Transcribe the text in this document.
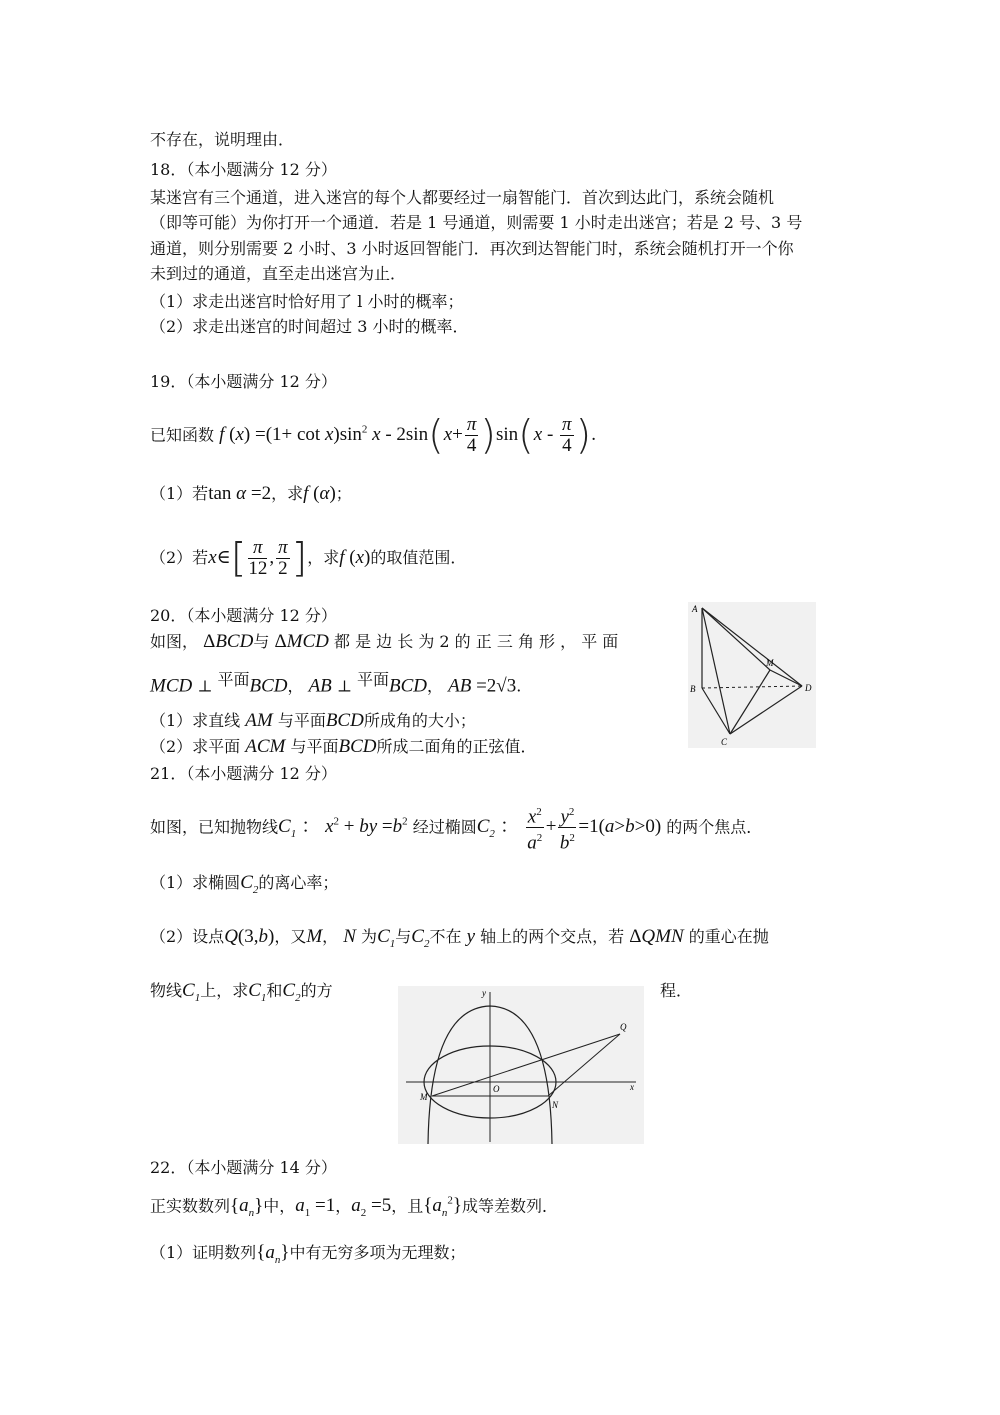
不存在，说明理由．
18．（本小题满分 12 分）
某迷宫有三个通道，进入迷宫的每个人都要经过一扇智能门．首次到达此门，系统会随机
（即等可能）为你打开一个通道．若是 1 号通道，则需要 1 小时走出迷宫；若是 2 号、3 号
通道，则分别需要 2 小时、3 小时返回智能门．再次到达智能门时，系统会随机打开一个你
未到过的通道，直至走出迷宫为止．
（1）求走出迷宫时恰好用了 l 小时的概率；
（2）求走出迷宫的时间超过 3 小时的概率．
19．（本小题满分 12 分）
已知函数 f $(x) =(1+ \cot x)\sin^2$ $x - 2\sin(x+ \frac{\pi}{4} )\sin(x - \frac{\pi}{4}$ ).
（1）若tan α =2，求f (α)；
（2）若x∈[ $\frac{\pi}{12}$ , $\frac{\pi}{2}$ ]，求f (x)的取值范围．
20．（本小题满分 12 分）
如图， ΔBCD与 ΔMCD 都 是 边 长 为 2 的 正 三 角 形 ， 平 面
MCD ⊥ $^{平面}$BCD， AB ⊥ $^{平面}$BCD， AB =2√3.
（1）求直线 AM 与平面BCD所成角的大小；
（2）求平面 ACM 与平面BCD所成二面角的正弦值．
A
B
C
D
M
21．（本小题满分 12 分）
如图，已知抛物线$C_1$ ： $x^2$ + by $=b^2$ 经过椭圆$C_2$ ： $\frac{x^2}{a^2} + \frac{y^2}{b^2} =1(a>b>0)$ 的两个焦点．
（1）求椭圆$C_2$的离心率；
（2）设点Q(3,b)，又M， N 为$C_1$与$C_2$不在 y 轴上的两个交点，若 ΔQMN 的重心在抛
物线$C_1$上，求$C_1$和$C_2$的方	程．
y
x
O
M
N
Q
22．（本小题满分 14 分）
正实数数列$\{a_n\}$中，$a_1 =1$，$a_2 =5$，且$\{a_n^2\}$成等差数列．
（1）证明数列$\{a_n\}$中有无穷多项为无理数；
